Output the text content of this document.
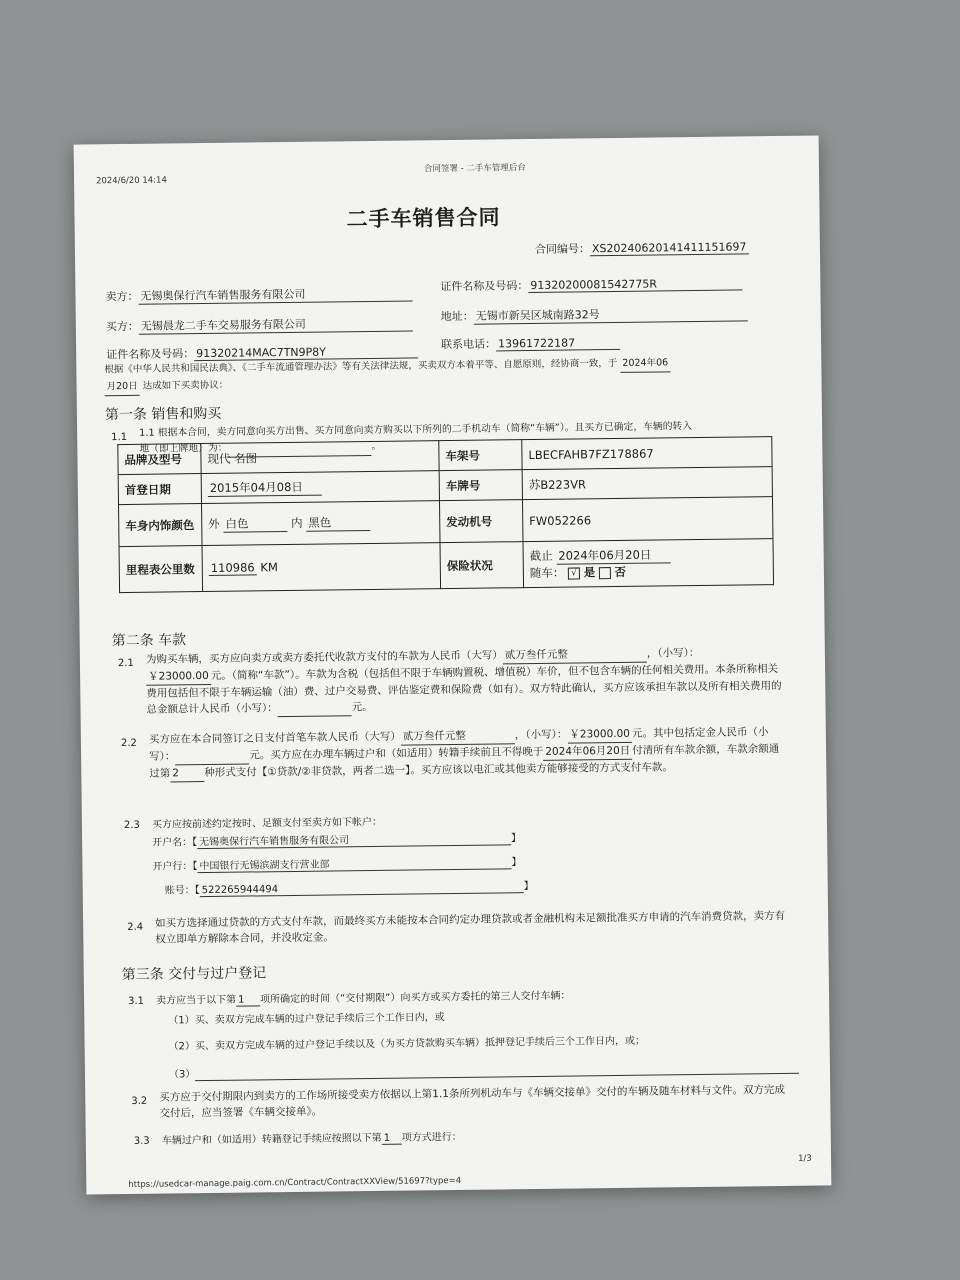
2024/6/20 14:14
合同签署 - 二手车管理后台
二手车销售合同
合同编号： XS20240620141411151697
卖方： 无锡奥保行汽车销售服务有限公司
证件名称及号码： 91320200081542775R
买方： 无锡晨龙二手车交易服务有限公司
地址： 无锡市新吴区城南路32号
证件名称及号码： 91320214MAC7TN9P8Y
联系电话： 13961722187
根据《中华人民共和国民法典》、《二手车流通管理办法》等有关法律法规，买卖双方本着平等、自愿原则，经协商一致，于 2024年06
月20日 达成如下买卖协议：
第一条 销售和购买
1.1 1.1 根据本合同，卖方同意向买方出售、买方同意向卖方购买以下所列的二手机动车（简称“车辆”）。且买方已确定，车辆的转入
地（即上牌地）为：	。
品牌及型号	现代 名图	车架号	LBECFAHB7FZ178867
首登日期	2015年04月08日	车牌号	苏B223VR
车身内饰颜色	外 白色 内 黑色	发动机号	FW052266
里程表公里数	110986 KM	保险状况	截止 2024年06月20日
随车： √ 是 否
第二条 车款
2.1 为购买车辆，买方应向卖方或卖方委托代收款方支付的车款为人民币（大写） 贰万叁仟元整	，（小写）：
￥23000.00 元。（简称“车款”）。车款为含税（包括但不限于车辆购置税、增值税）车价，但不包含车辆的任何相关费用。本条所称相关费用包括但不限于车辆运输（油）费、过户交易费、评估鉴定费和保险费（如有）。双方特此确认，买方应该承担车款以及所有相关费用的总金额总计人民币（小写）：	元。
2.2 买方应在本合同签订之日支付首笔车款人民币（大写） 贰万叁仟元整	，（小写）： ￥23000.00 元。其中包括定金人民币（小写）：	元。买方应在办理车辆过户和（如适用）转籍手续前且不得晚于 2024年06月20日 付清所有车款余额，车款余额通过第 2 种形式支付【①贷款/②非贷款，两者二选一】。买方应该以电汇或其他卖方能够接受的方式支付车款。
2.3 买方应按前述约定按时、足额支付至卖方如下帐户：
开户名：【 无锡奥保行汽车销售服务有限公司	】
开户行：【 中国银行无锡滨湖支行营业部	】
账号：【 522265944494	】
2.4 如买方选择通过贷款的方式支付车款，而最终买方未能按本合同约定办理贷款或者金融机构未足额批准买方申请的汽车消费贷款，卖方有权立即单方解除本合同，并没收定金。
第三条 交付与过户登记
3.1 卖方应当于以下第 1 项所确定的时间（“交付期限”）向买方或买方委托的第三人交付车辆：
（1）买、卖双方完成车辆的过户登记手续后三个工作日内，或
（2）买、卖双方完成车辆的过户登记手续以及（为买方贷款购买车辆）抵押登记手续后三个工作日内，或；
（3）
3.2 买方应于交付期限内到卖方的工作场所接受卖方依据以上第1.1条所列机动车与《车辆交接单》交付的车辆及随车材料与文件。双方完成交付后，应当签署《车辆交接单》。
3.3 车辆过户和（如适用）转籍登记手续应按照以下第 1 项方式进行：
https://usedcar-manage.paig.com.cn/Contract/ContractXXView/51697?type=4
1/3
